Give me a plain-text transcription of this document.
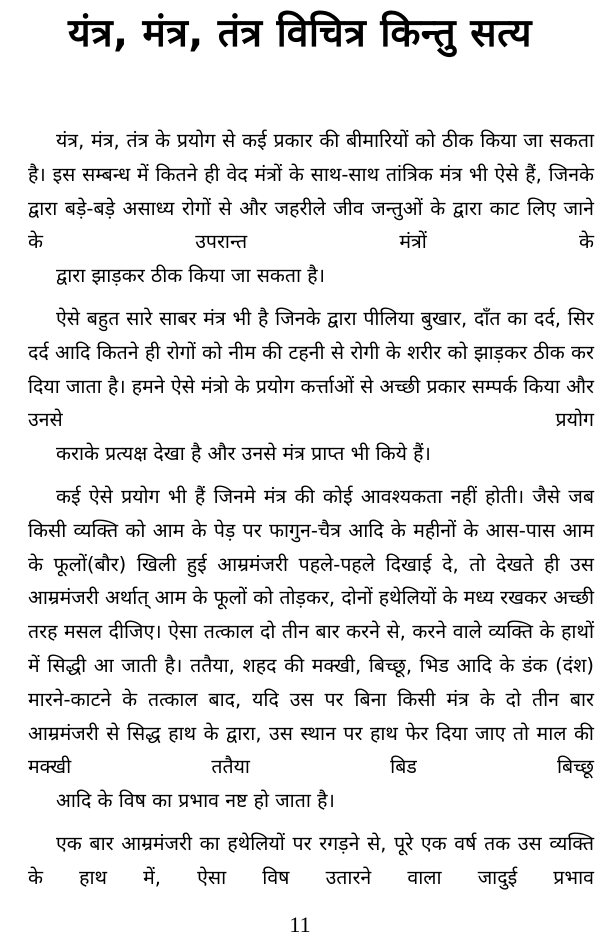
यंत्र, मंत्र, तंत्र विचित्र किन्तु सत्य

यंत्र, मंत्र, तंत्र के प्रयोग से कई प्रकार की बीमारियों को ठीक किया जा सकता है। इस सम्बन्ध में कितने ही वेद मंत्रों के साथ-साथ तांत्रिक मंत्र भी ऐसे हैं, जिनके द्वारा बड़े-बड़े असाध्य रोगों से और जहरीले जीव जन्तुओं के द्वारा काट लिए जाने के उपरान्त मंत्रों के
द्वारा झाड़कर ठीक किया जा सकता है।

ऐसे बहुत सारे साबर मंत्र भी है जिनके द्वारा पीलिया बुखार, दाँत का दर्द, सिर दर्द आदि कितने ही रोगों को नीम की टहनी से रोगी के शरीर को झाड़कर ठीक कर दिया जाता है। हमने ऐसे मंत्रो के प्रयोग कर्त्ताओं से अच्छी प्रकार सम्पर्क किया और उनसे प्रयोग
कराके प्रत्यक्ष देखा है और उनसे मंत्र प्राप्त भी किये हैं।

कई ऐसे प्रयोग भी हैं जिनमे मंत्र की कोई आवश्यकता नहीं होती। जैसे जब किसी व्यक्ति को आम के पेड़ पर फागुन-चैत्र आदि के महीनों के आस-पास आम के फूलों(बौर) खिली हुई आम्रमंजरी पहले-पहले दिखाई दे, तो देखते ही उस आम्रमंजरी अर्थात् आम के फूलों को तोड़कर, दोनों हथेलियों के मध्य रखकर अच्छी तरह मसल दीजिए। ऐसा तत्काल दो तीन बार करने से, करने वाले व्यक्ति के हाथों में सिद्धी आ जाती है। ततैया, शहद की मक्खी, बिच्छू, भिड आदि के डंक (दंश) मारने-काटने के तत्काल बाद, यदि उस पर बिना किसी मंत्र के दो तीन बार आम्रमंजरी से सिद्ध हाथ के द्वारा, उस स्थान पर हाथ फेर दिया जाए तो माल की मक्खी ततैया बिड बिच्छू
आदि के विष का प्रभाव नष्ट हो जाता है।

एक बार आम्रमंजरी का हथेलियों पर रगड़ने से, पूरे एक वर्ष तक उस व्यक्ति के हाथ में, ऐसा विष उतारने वाला जादुई प्रभाव

11
